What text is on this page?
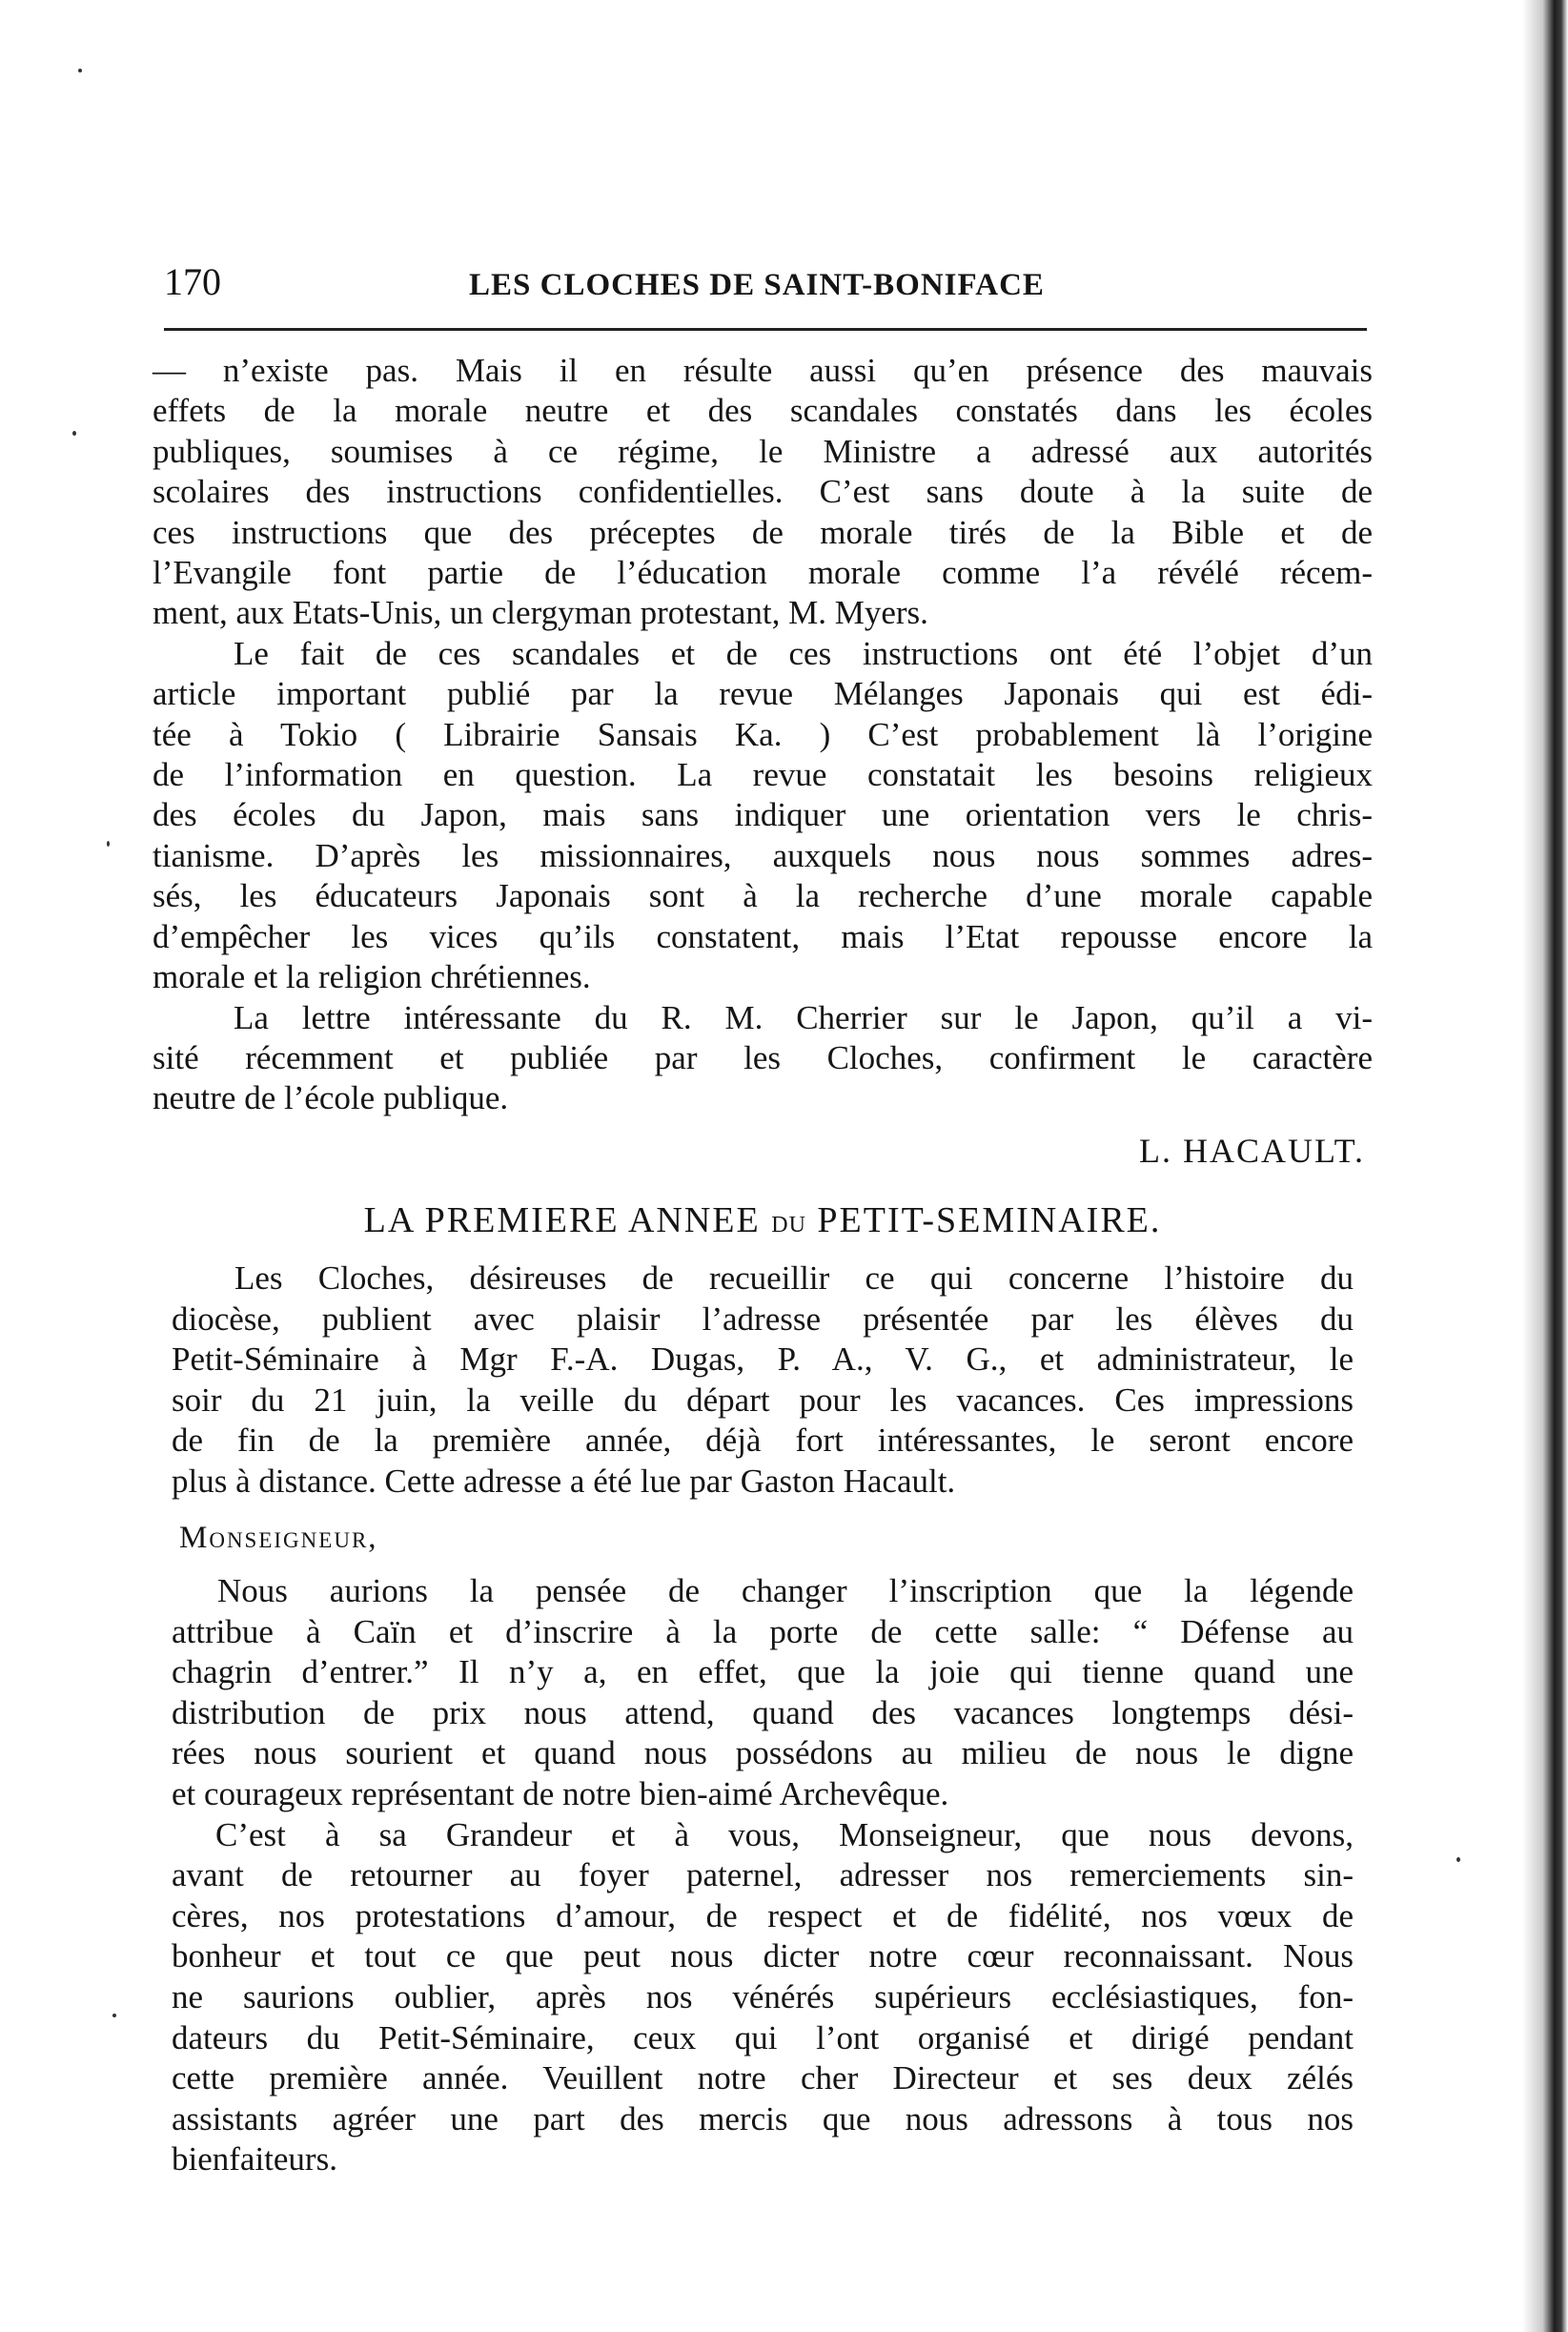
170	LES CLOCHES DE SAINT-BONIFACE

— n’existe pas. Mais il en résulte aussi qu’en présence des mauvais
effets de la morale neutre et des scandales constatés dans les écoles
publiques, soumises à ce régime, le Ministre a adressé aux autorités
scolaires des instructions confidentielles. C’est sans doute à la suite de
ces instructions que des préceptes de morale tirés de la Bible et de
l’Evangile font partie de l’éducation morale comme l’a révélé récem-
ment, aux Etats-Unis, un clergyman protestant, M. Myers.

Le fait de ces scandales et de ces instructions ont été l’objet d’un
article important publié par la revue Mélanges Japonais qui est édi-
tée à Tokio ( Librairie Sansais Ka. ) C’est probablement là l’origine
de l’information en question. La revue constatait les besoins religieux
des écoles du Japon, mais sans indiquer une orientation vers le chris-
tianisme. D’après les missionnaires, auxquels nous nous sommes adres-
sés, les éducateurs Japonais sont à la recherche d’une morale capable
d’empêcher les vices qu’ils constatent, mais l’Etat repousse encore la
morale et la religion chrétiennes.

La lettre intéressante du R. M. Cherrier sur le Japon, qu’il a vi-
sité récemment et publiée par les Cloches, confirment le caractère
neutre de l’école publique.

L. HACAULT.
LA PREMIERE ANNEE DU PETIT-SEMINAIRE.

Les Cloches, désireuses de recueillir ce qui concerne l’histoire du
diocèse, publient avec plaisir l’adresse présentée par les élèves du
Petit-Séminaire à Mgr F.-A. Dugas, P. A., V. G., et administrateur, le
soir du 21 juin, la veille du départ pour les vacances. Ces impressions
de fin de la première année, déjà fort intéressantes, le seront encore
plus à distance. Cette adresse a été lue par Gaston Hacault.

Monseigneur,

Nous aurions la pensée de changer l’inscription que la légende
attribue à Caïn et d’inscrire à la porte de cette salle: “ Défense au
chagrin d’entrer.” Il n’y a, en effet, que la joie qui tienne quand une
distribution de prix nous attend, quand des vacances longtemps dési-
rées nous sourient et quand nous possédons au milieu de nous le digne
et courageux représentant de notre bien-aimé Archevêque.

C’est à sa Grandeur et à vous, Monseigneur, que nous devons,
avant de retourner au foyer paternel, adresser nos remerciements sin-
cères, nos protestations d’amour, de respect et de fidélité, nos vœux de
bonheur et tout ce que peut nous dicter notre cœur reconnaissant. Nous
ne saurions oublier, après nos vénérés supérieurs ecclésiastiques, fon-
dateurs du Petit-Séminaire, ceux qui l’ont organisé et dirigé pendant
cette première année. Veuillent notre cher Directeur et ses deux zélés
assistants agréer une part des mercis que nous adressons à tous nos
bienfaiteurs.
